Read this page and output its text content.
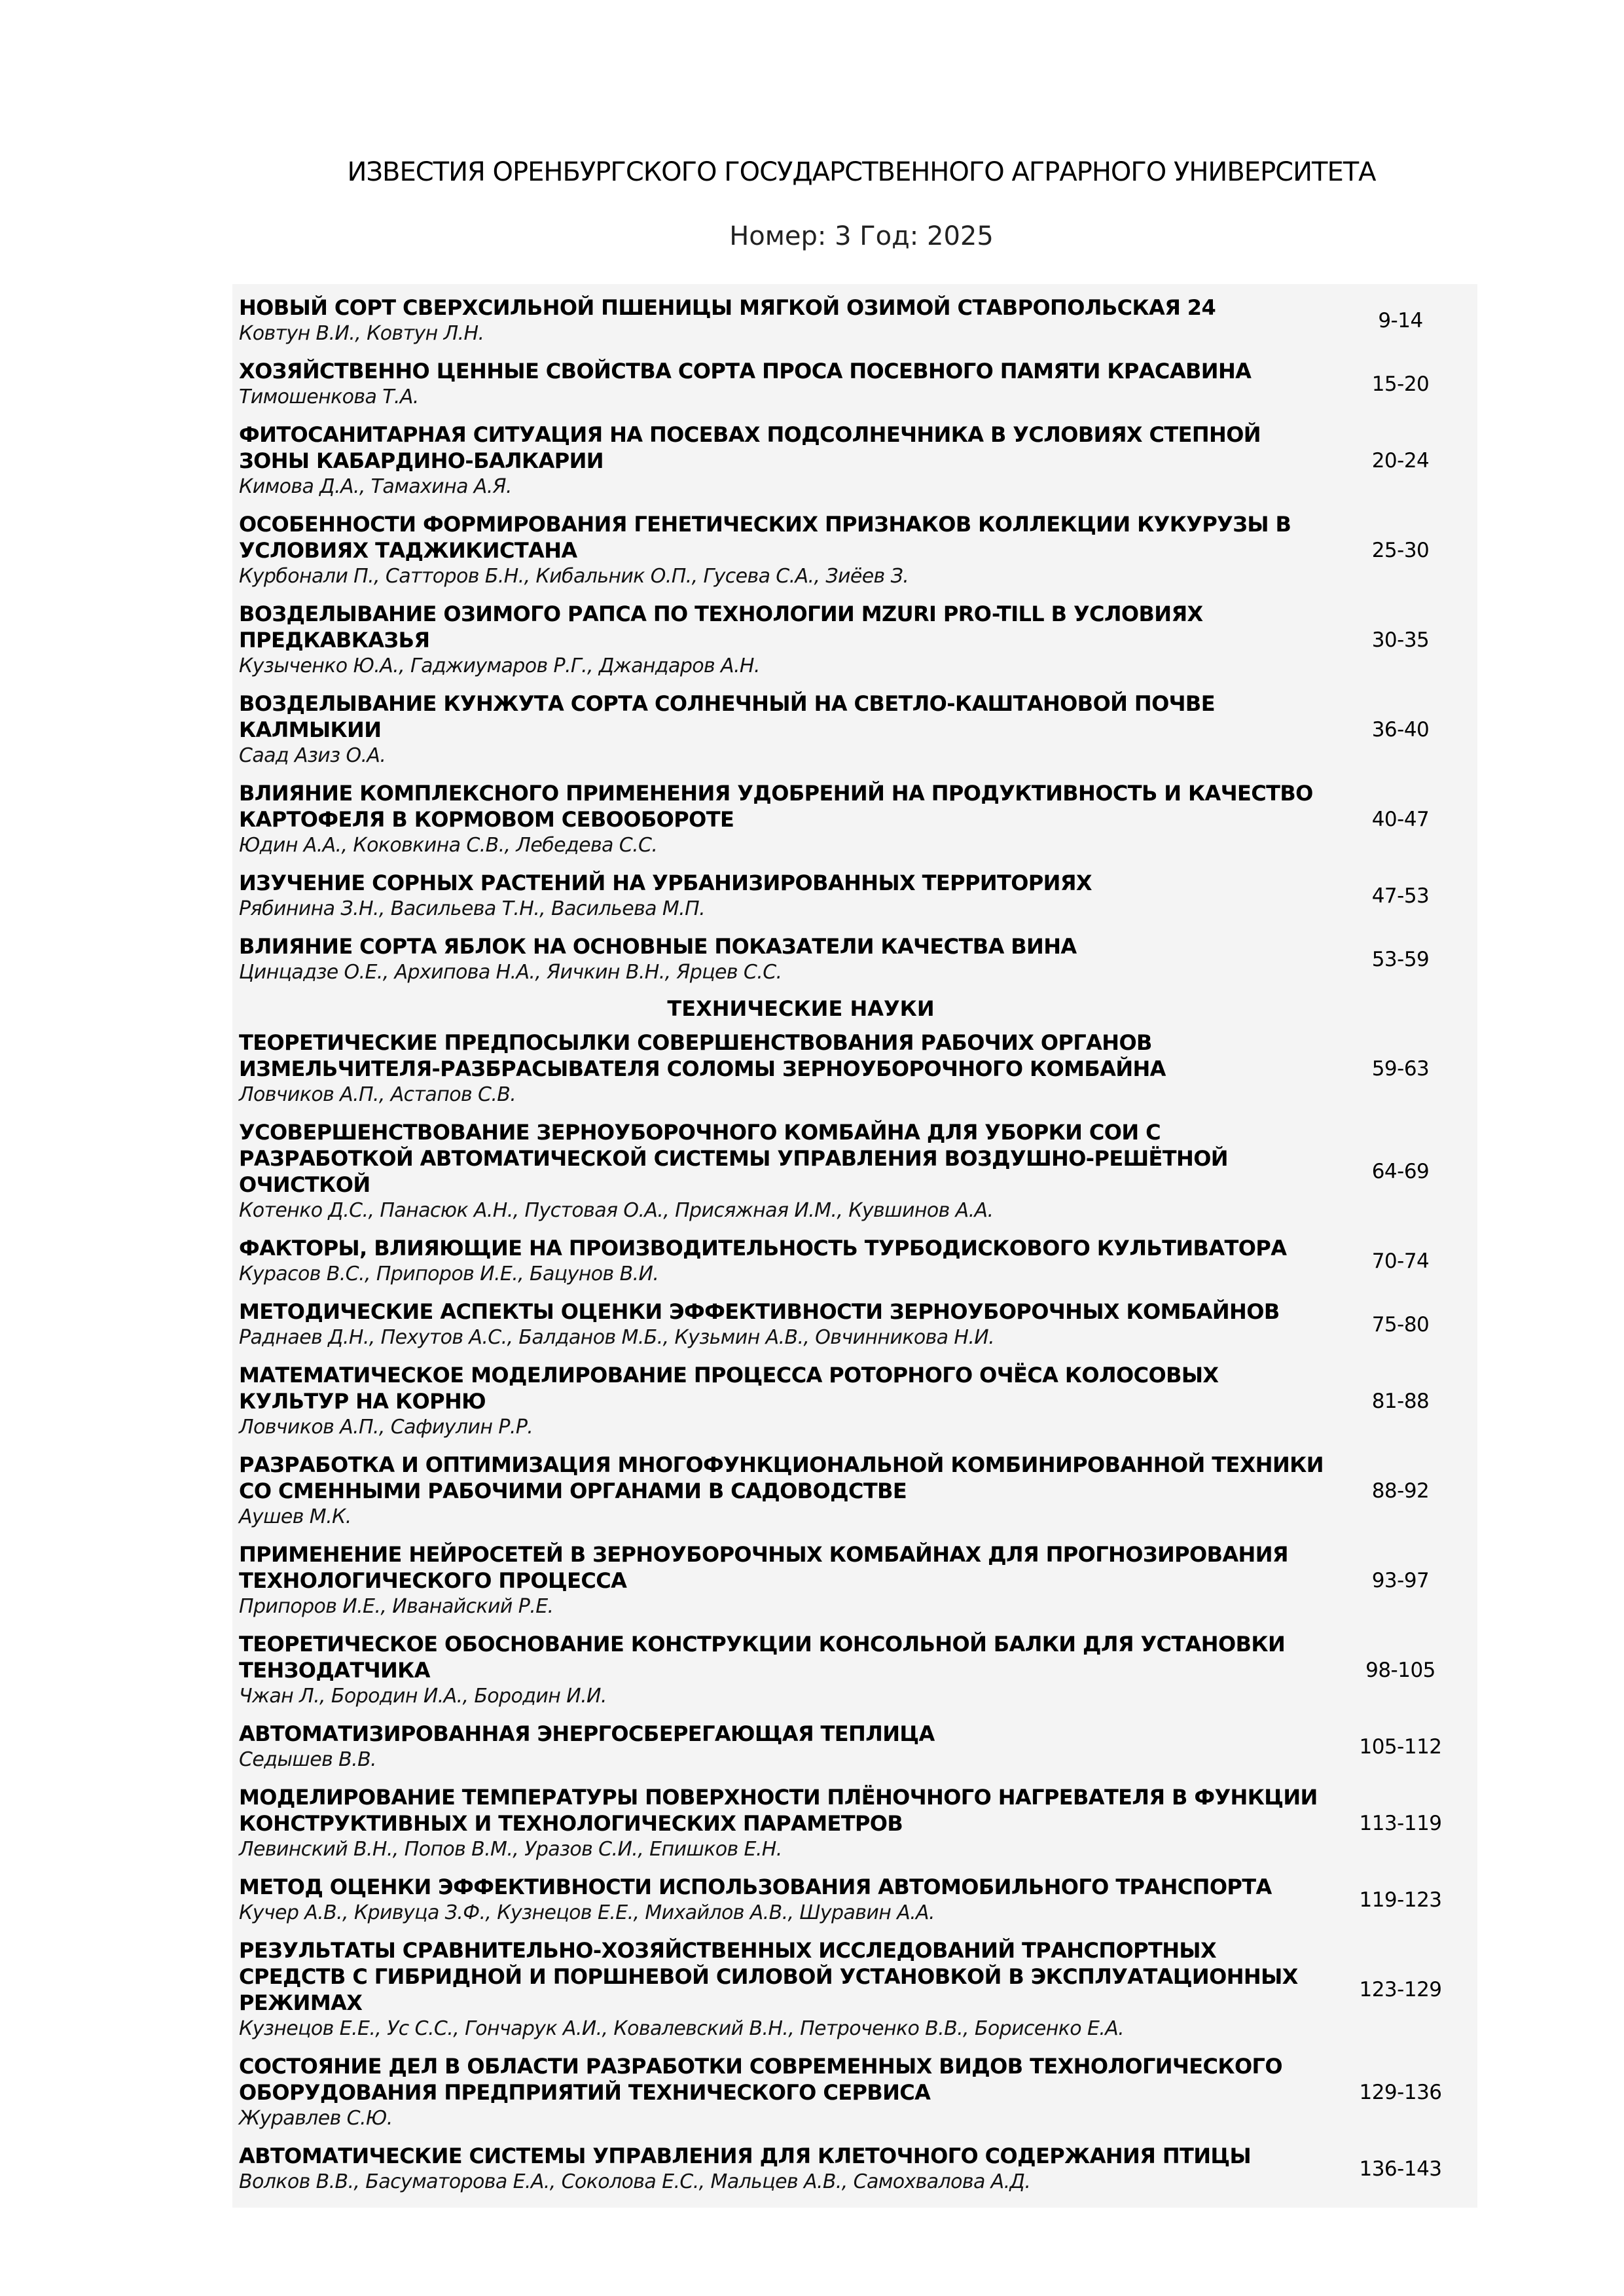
ИЗВЕСТИЯ ОРЕНБУРГСКОГО ГОСУДАРСТВЕННОГО АГРАРНОГО УНИВЕРСИТЕТА
Номер: 3 Год: 2025
НОВЫЙ СОРТ СВЕРХСИЛЬНОЙ ПШЕНИЦЫ МЯГКОЙ ОЗИМОЙ СТАВРОПОЛЬСКАЯ 24
Ковтун В.И., Ковтун Л.Н.
9-14
ХОЗЯЙСТВЕННО ЦЕННЫЕ СВОЙСТВА СОРТА ПРОСА ПОСЕВНОГО ПАМЯТИ КРАСАВИНА
Тимошенкова Т.А.
15-20
ФИТОСАНИТАРНАЯ СИТУАЦИЯ НА ПОСЕВАХ ПОДСОЛНЕЧНИКА В УСЛОВИЯХ СТЕПНОЙ ЗОНЫ КАБАРДИНО-БАЛКАРИИ
Кимова Д.А., Тамахина А.Я.
20-24
ОСОБЕННОСТИ ФОРМИРОВАНИЯ ГЕНЕТИЧЕСКИХ ПРИЗНАКОВ КОЛЛЕКЦИИ КУКУРУЗЫ В УСЛОВИЯХ ТАДЖИКИСТАНА
Курбонали П., Сатторов Б.Н., Кибальник О.П., Гусева С.А., Зиёев З.
25-30
ВОЗДЕЛЫВАНИЕ ОЗИМОГО РАПСА ПО ТЕХНОЛОГИИ MZURI PRO-TILL В УСЛОВИЯХ ПРЕДКАВКАЗЬЯ
Кузыченко Ю.А., Гаджиумаров Р.Г., Джандаров А.Н.
30-35
ВОЗДЕЛЫВАНИЕ КУНЖУТА СОРТА СОЛНЕЧНЫЙ НА СВЕТЛО-КАШТАНОВОЙ ПОЧВЕ КАЛМЫКИИ
Саад Азиз О.А.
36-40
ВЛИЯНИЕ КОМПЛЕКСНОГО ПРИМЕНЕНИЯ УДОБРЕНИЙ НА ПРОДУКТИВНОСТЬ И КАЧЕСТВО КАРТОФЕЛЯ В КОРМОВОМ СЕВООБОРОТЕ
Юдин А.А., Коковкина С.В., Лебедева С.С.
40-47
ИЗУЧЕНИЕ СОРНЫХ РАСТЕНИЙ НА УРБАНИЗИРОВАННЫХ ТЕРРИТОРИЯХ
Рябинина З.Н., Васильева Т.Н., Васильева М.П.
47-53
ВЛИЯНИЕ СОРТА ЯБЛОК НА ОСНОВНЫЕ ПОКАЗАТЕЛИ КАЧЕСТВА ВИНА
Цинцадзе О.Е., Архипова Н.А., Яичкин В.Н., Ярцев С.С.
53-59
ТЕХНИЧЕСКИЕ НАУКИ
ТЕОРЕТИЧЕСКИЕ ПРЕДПОСЫЛКИ СОВЕРШЕНСТВОВАНИЯ РАБОЧИХ ОРГАНОВ ИЗМЕЛЬЧИТЕЛЯ-РАЗБРАСЫВАТЕЛЯ СОЛОМЫ ЗЕРНОУБОРОЧНОГО КОМБАЙНА
Ловчиков А.П., Астапов С.В.
59-63
УСОВЕРШЕНСТВОВАНИЕ ЗЕРНОУБОРОЧНОГО КОМБАЙНА ДЛЯ УБОРКИ СОИ С РАЗРАБОТКОЙ АВТОМАТИЧЕСКОЙ СИСТЕМЫ УПРАВЛЕНИЯ ВОЗДУШНО-РЕШЁТНОЙ ОЧИСТКОЙ
Котенко Д.С., Панасюк А.Н., Пустовая О.А., Присяжная И.М., Кувшинов А.А.
64-69
ФАКТОРЫ, ВЛИЯЮЩИЕ НА ПРОИЗВОДИТЕЛЬНОСТЬ ТУРБОДИСКОВОГО КУЛЬТИВАТОРА
Курасов В.С., Припоров И.Е., Бацунов В.И.
70-74
МЕТОДИЧЕСКИЕ АСПЕКТЫ ОЦЕНКИ ЭФФЕКТИВНОСТИ ЗЕРНОУБОРОЧНЫХ КОМБАЙНОВ
Раднаев Д.Н., Пехутов А.С., Балданов М.Б., Кузьмин А.В., Овчинникова Н.И.
75-80
МАТЕМАТИЧЕСКОЕ МОДЕЛИРОВАНИЕ ПРОЦЕССА РОТОРНОГО ОЧЁСА КОЛОСОВЫХ КУЛЬТУР НА КОРНЮ
Ловчиков А.П., Сафиулин Р.Р.
81-88
РАЗРАБОТКА И ОПТИМИЗАЦИЯ МНОГОФУНКЦИОНАЛЬНОЙ КОМБИНИРОВАННОЙ ТЕХНИКИ СО СМЕННЫМИ РАБОЧИМИ ОРГАНАМИ В САДОВОДСТВЕ
Аушев М.К.
88-92
ПРИМЕНЕНИЕ НЕЙРОСЕТЕЙ В ЗЕРНОУБОРОЧНЫХ КОМБАЙНАХ ДЛЯ ПРОГНОЗИРОВАНИЯ ТЕХНОЛОГИЧЕСКОГО ПРОЦЕССА
Припоров И.Е., Иванайский Р.Е.
93-97
ТЕОРЕТИЧЕСКОЕ ОБОСНОВАНИЕ КОНСТРУКЦИИ КОНСОЛЬНОЙ БАЛКИ ДЛЯ УСТАНОВКИ ТЕНЗОДАТЧИКА
Чжан Л., Бородин И.А., Бородин И.И.
98-105
АВТОМАТИЗИРОВАННАЯ ЭНЕРГОСБЕРЕГАЮЩАЯ ТЕПЛИЦА
Седышев В.В.
105-112
МОДЕЛИРОВАНИЕ ТЕМПЕРАТУРЫ ПОВЕРХНОСТИ ПЛЁНОЧНОГО НАГРЕВАТЕЛЯ В ФУНКЦИИ КОНСТРУКТИВНЫХ И ТЕХНОЛОГИЧЕСКИХ ПАРАМЕТРОВ
Левинский В.Н., Попов В.М., Уразов С.И., Епишков Е.Н.
113-119
МЕТОД ОЦЕНКИ ЭФФЕКТИВНОСТИ ИСПОЛЬЗОВАНИЯ АВТОМОБИЛЬНОГО ТРАНСПОРТА
Кучер А.В., Кривуца З.Ф., Кузнецов Е.Е., Михайлов А.В., Шуравин А.А.
119-123
РЕЗУЛЬТАТЫ СРАВНИТЕЛЬНО-ХОЗЯЙСТВЕННЫХ ИССЛЕДОВАНИЙ ТРАНСПОРТНЫХ СРЕДСТВ С ГИБРИДНОЙ И ПОРШНЕВОЙ СИЛОВОЙ УСТАНОВКОЙ В ЭКСПЛУАТАЦИОННЫХ РЕЖИМАХ
Кузнецов Е.Е., Ус С.С., Гончарук А.И., Ковалевский В.Н., Петроченко В.В., Борисенко Е.А.
123-129
СОСТОЯНИЕ ДЕЛ В ОБЛАСТИ РАЗРАБОТКИ СОВРЕМЕННЫХ ВИДОВ ТЕХНОЛОГИЧЕСКОГО ОБОРУДОВАНИЯ ПРЕДПРИЯТИЙ ТЕХНИЧЕСКОГО СЕРВИСА
Журавлев С.Ю.
129-136
АВТОМАТИЧЕСКИЕ СИСТЕМЫ УПРАВЛЕНИЯ ДЛЯ КЛЕТОЧНОГО СОДЕРЖАНИЯ ПТИЦЫ
Волков В.В., Басуматорова Е.А., Соколова Е.С., Мальцев А.В., Самохвалова А.Д.
136-143
